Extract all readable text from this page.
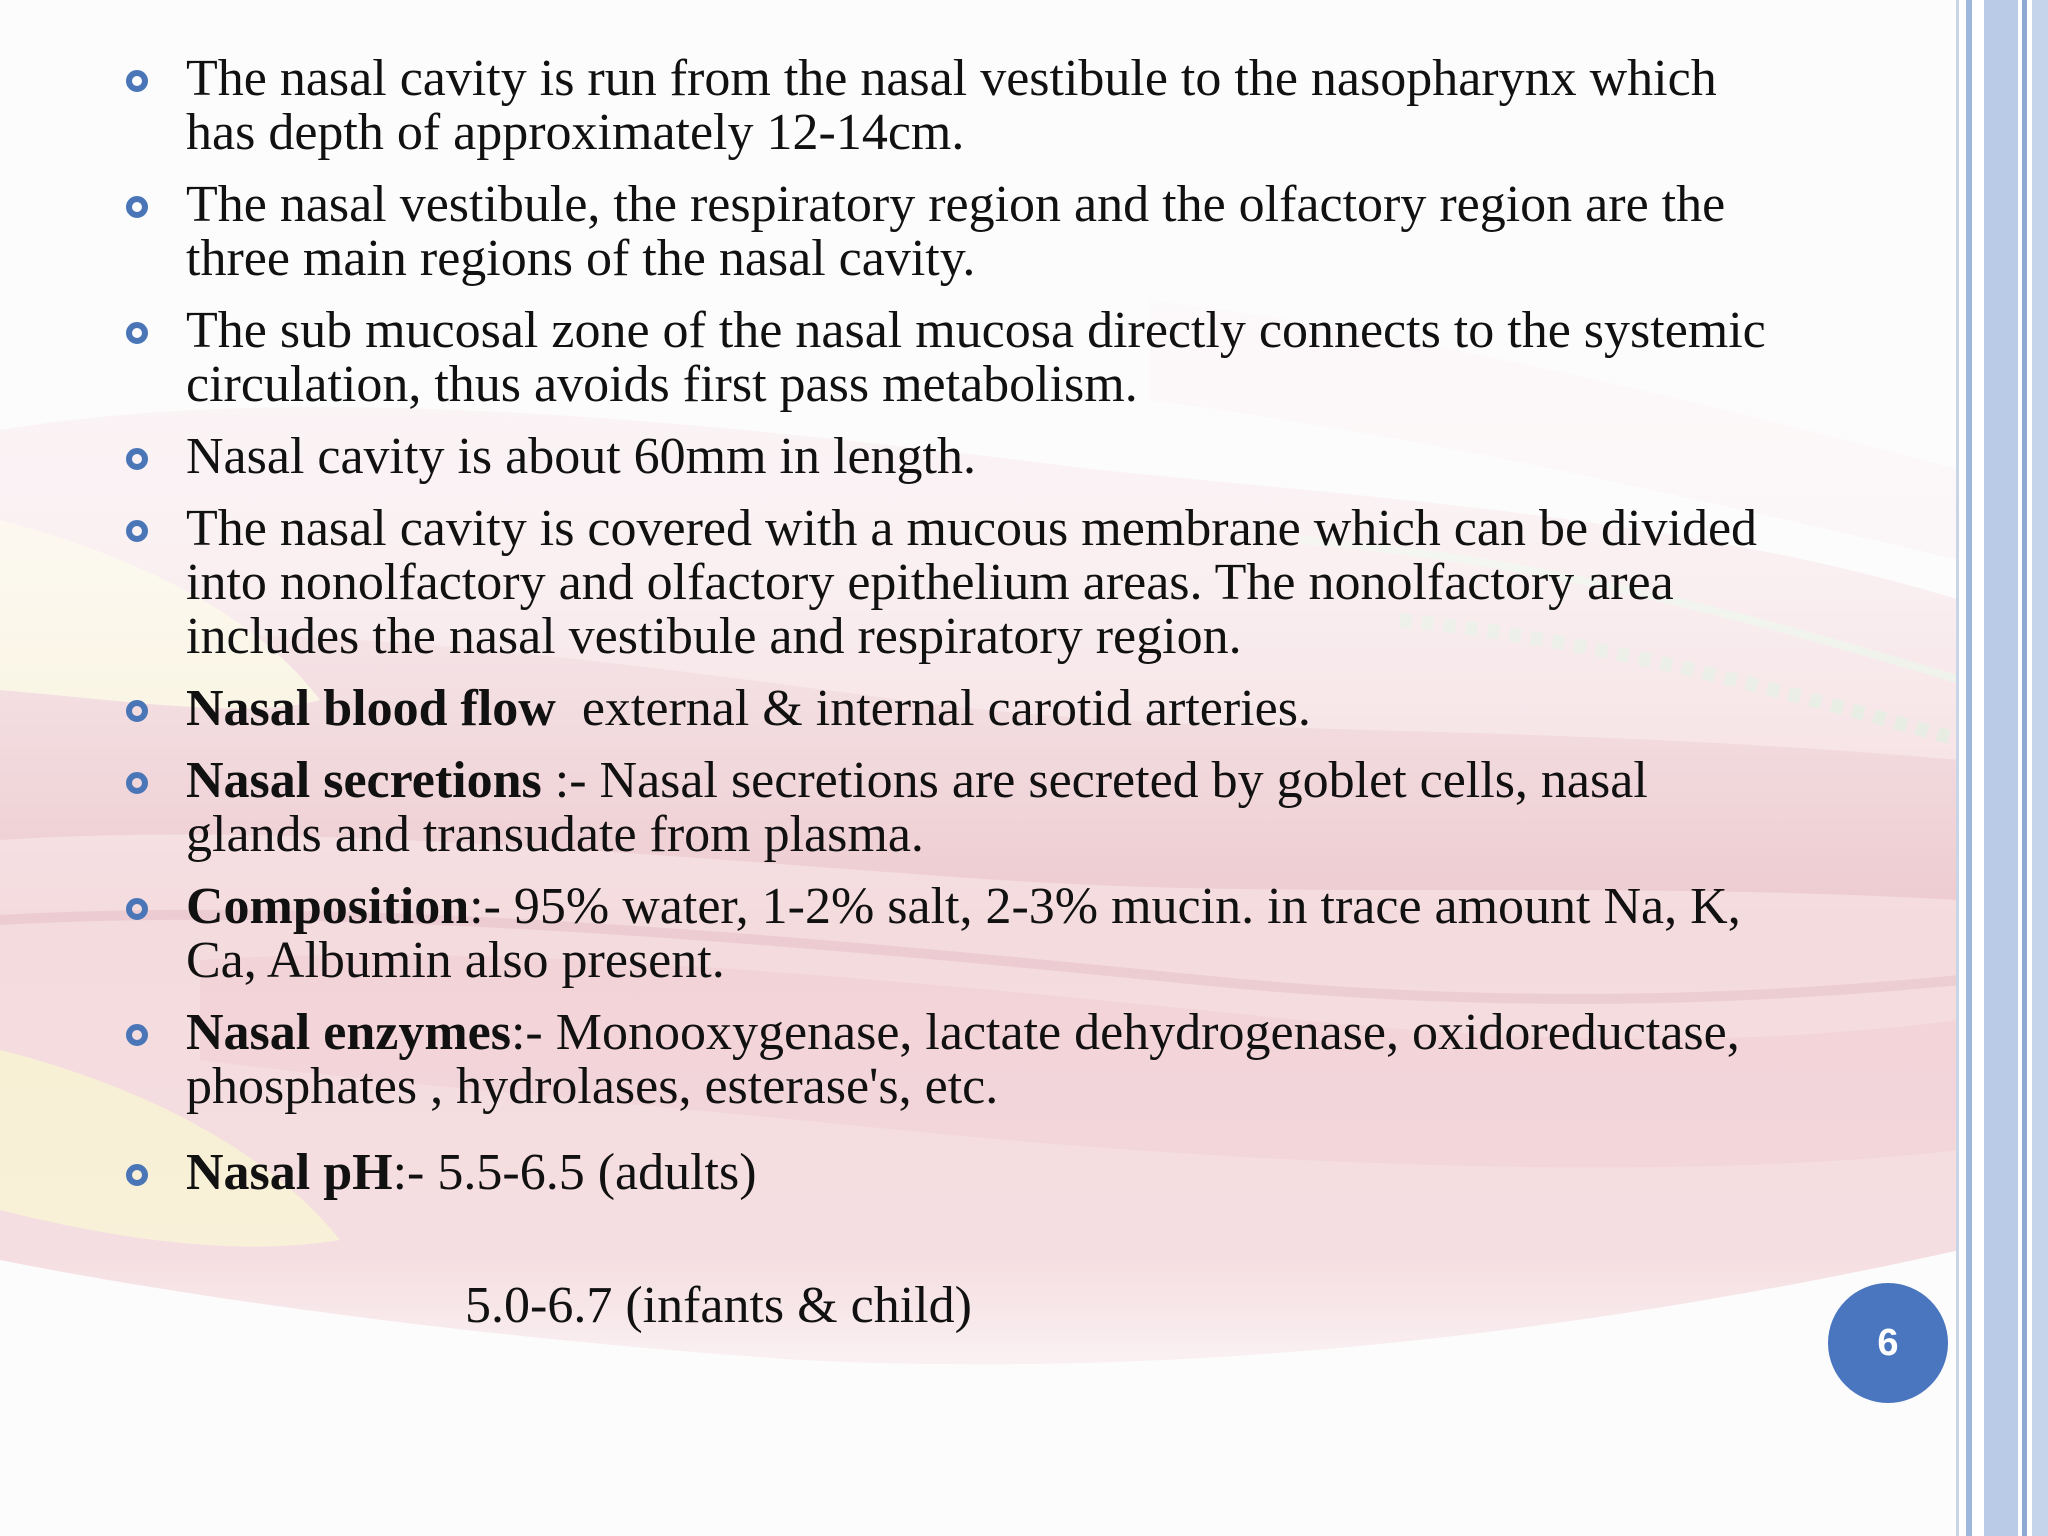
The nasal cavity is run from the nasal vestibule to the nasopharynx which has depth of approximately 12-14cm.
The nasal vestibule, the respiratory region and the olfactory region are the three main regions of the nasal cavity.
The sub mucosal zone of the nasal mucosa directly connects to the systemic circulation, thus avoids first pass metabolism.
Nasal cavity is about 60mm in length.
The nasal cavity is covered with a mucous membrane which can be divided into nonolfactory and olfactory epithelium areas. The nonolfactory area includes the nasal vestibule and respiratory region.
Nasal blood flow  external & internal carotid arteries.
Nasal secretions :- Nasal secretions are secreted by goblet cells, nasal glands and transudate from plasma.
Composition:- 95% water, 1-2% salt, 2-3% mucin. in trace amount Na, K, Ca, Albumin also present.
Nasal enzymes:- Monooxygenase, lactate dehydrogenase, oxidoreductase, phosphates , hydrolases, esterase's, etc.
Nasal pH:- 5.5-6.5 (adults)
5.0-6.7 (infants & child)
6
